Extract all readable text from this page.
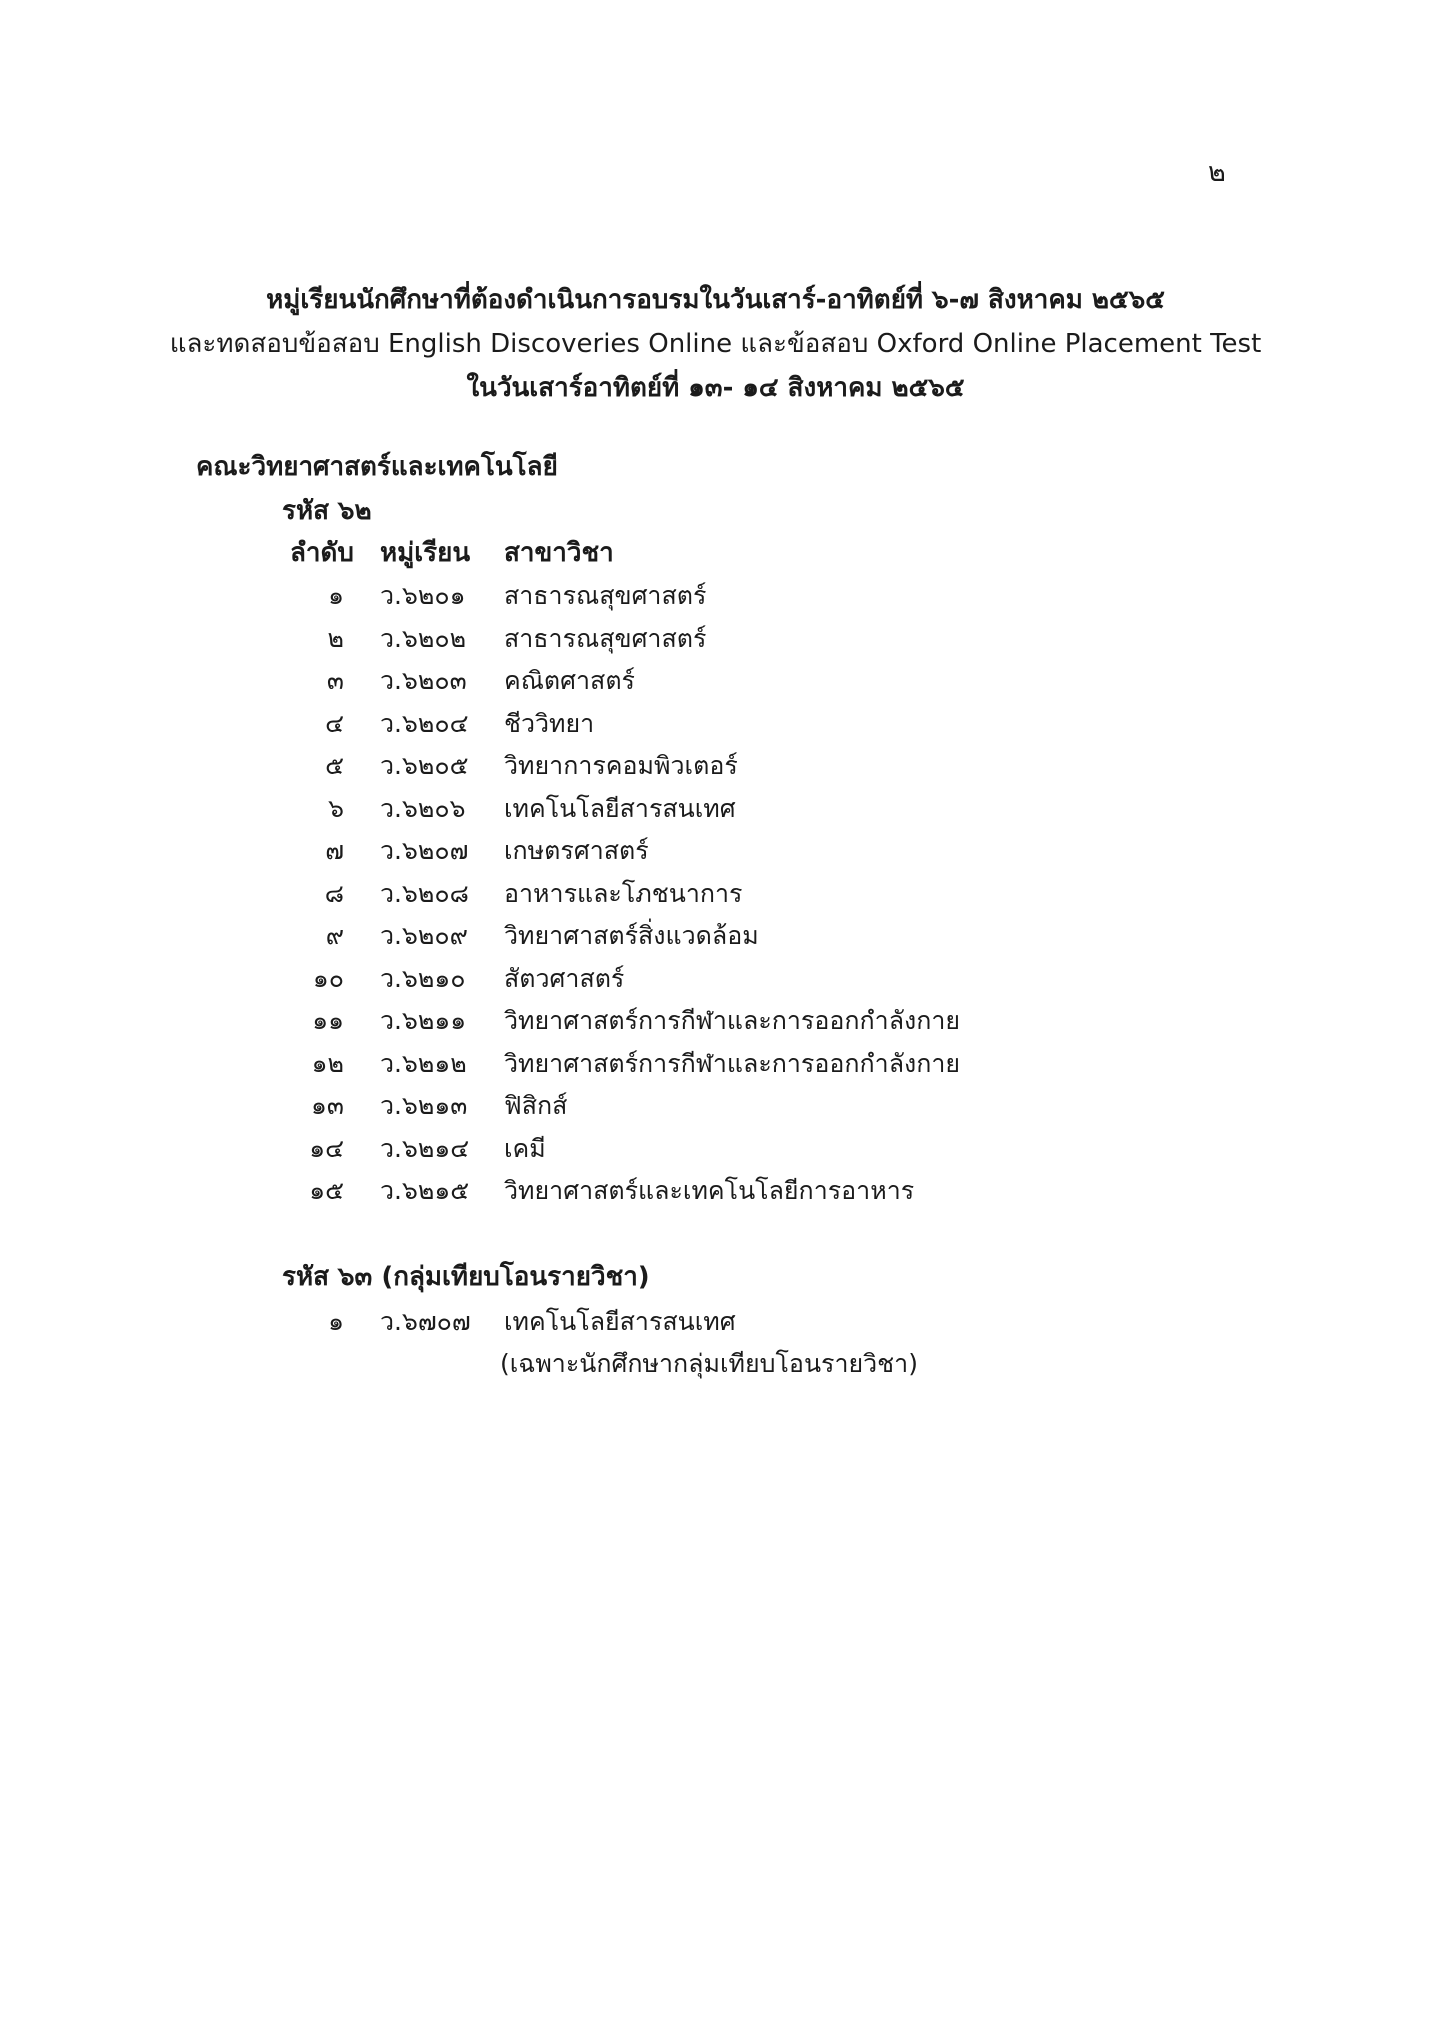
๒
หมู่เรียนนักศึกษาที่ต้องดำเนินการอบรมในวันเสาร์-อาทิตย์ที่ ๖-๗ สิงหาคม ๒๕๖๕
และทดสอบข้อสอบ English Discoveries Online และข้อสอบ Oxford Online Placement Test
ในวันเสาร์อาทิตย์ที่ ๑๓- ๑๔ สิงหาคม ๒๕๖๕
คณะวิทยาศาสตร์และเทคโนโลยี
รหัส ๖๒
ลำดับ หมู่เรียน สาขาวิชา
๑ ว.๖๒๐๑ สาธารณสุขศาสตร์
๒ ว.๖๒๐๒ สาธารณสุขศาสตร์
๓ ว.๖๒๐๓ คณิตศาสตร์
๔ ว.๖๒๐๔ ชีววิทยา
๕ ว.๖๒๐๕ วิทยาการคอมพิวเตอร์
๖ ว.๖๒๐๖ เทคโนโลยีสารสนเทศ
๗ ว.๖๒๐๗ เกษตรศาสตร์
๘ ว.๖๒๐๘ อาหารและโภชนาการ
๙ ว.๖๒๐๙ วิทยาศาสตร์สิ่งแวดล้อม
๑๐ ว.๖๒๑๐ สัตวศาสตร์
๑๑ ว.๖๒๑๑ วิทยาศาสตร์การกีฬาและการออกกำลังกาย
๑๒ ว.๖๒๑๒ วิทยาศาสตร์การกีฬาและการออกกำลังกาย
๑๓ ว.๖๒๑๓ ฟิสิกส์
๑๔ ว.๖๒๑๔ เคมี
๑๕ ว.๖๒๑๕ วิทยาศาสตร์และเทคโนโลยีการอาหาร
รหัส ๖๓ (กลุ่มเทียบโอนรายวิชา)
๑ ว.๖๗๐๗ เทคโนโลยีสารสนเทศ
(เฉพาะนักศึกษากลุ่มเทียบโอนรายวิชา)
